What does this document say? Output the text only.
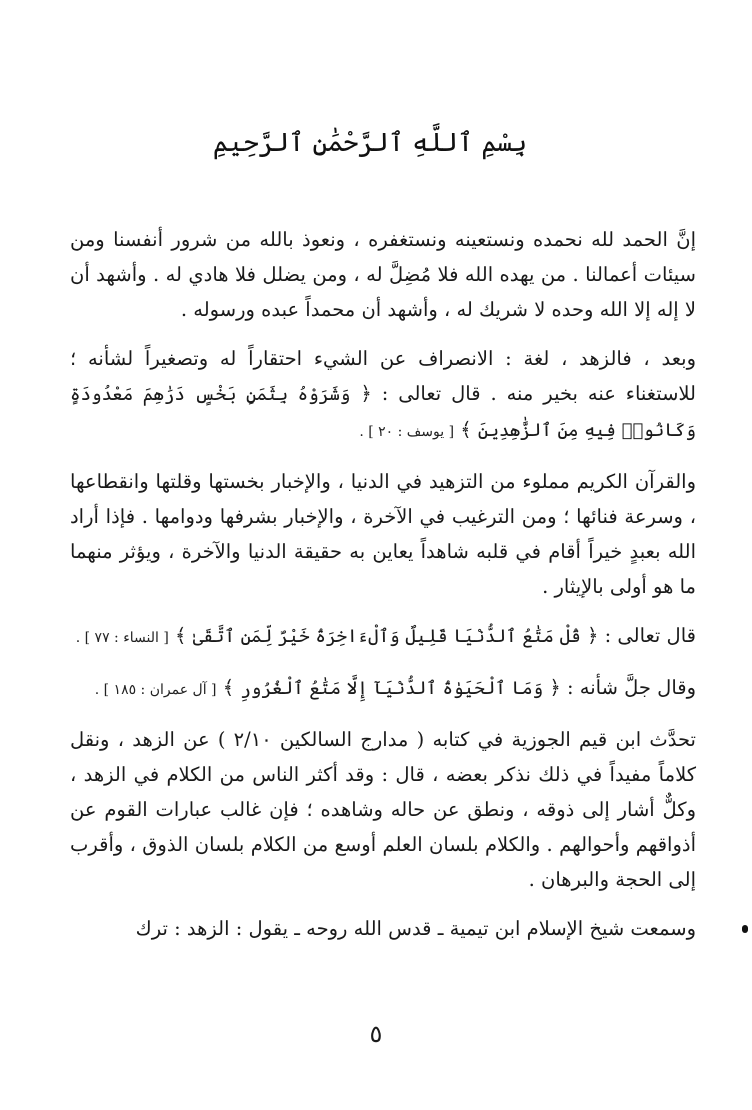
بِسْمِ ٱللَّهِ ٱلرَّحْمَٰنِ ٱلرَّحِيمِ

إنَّ الحمد لله نحمده ونستعينه ونستغفره ، ونعوذ بالله من شرور أنفسنا ومن سيئات أعمالنا . من يهده الله فلا مُضِلَّ له ، ومن يضلل فلا هادي له . وأشهد أن لا إله إلا الله وحده لا شريك له ، وأشهد أن محمداً عبده ورسوله .

وبعد ، فالزهد ، لغة : الانصراف عن الشيء احتقاراً له وتصغيراً لشأنه ؛ للاستغناء عنه بخير منه . قال تعالى : ﴿ وَشَرَوْهُ بِثَمَنٍ بَخْسٍ دَرَٰهِمَ مَعْدُودَةٍ وَكَانُوا۟ فِيهِ مِنَ ٱلزَّٰهِدِينَ ﴾ [ يوسف : ٢٠ ] .

والقرآن الكريم مملوء من التزهيد في الدنيا ، والإخبار بخستها وقلتها وانقطاعها ، وسرعة فنائها ؛ ومن الترغيب في الآخرة ، والإخبار بشرفها ودوامها . فإذا أراد الله بعبدٍ خيراً أقام في قلبه شاهداً يعاين به حقيقة الدنيا والآخرة ، ويؤثر منهما ما هو أولى بالإيثار .

قال تعالى : ﴿ قُلْ مَتَٰعُ ٱلدُّنْيَا قَلِيلٌ وَٱلْءَاخِرَةُ خَيْرٌ لِّمَنِ ٱتَّقَىٰ ﴾ [ النساء : ٧٧ ] .

وقال جلَّ شأنه : ﴿ وَمَا ٱلْحَيَوٰةُ ٱلدُّنْيَآ إِلَّا مَتَٰعُ ٱلْغُرُورِ ﴾ [ آل عمران : ١٨٥ ] .

تحدَّث ابن قيم الجوزية في كتابه ( مدارج السالكين ٢/١٠ ) عن الزهد ، ونقل كلاماً مفيداً في ذلك نذكر بعضه ، قال : وقد أكثر الناس من الكلام في الزهد ، وكلٌّ أشار إلى ذوقه ، ونطق عن حاله وشاهده ؛ فإن غالب عبارات القوم عن أذواقهم وأحوالهم . والكلام بلسان العلم أوسع من الكلام بلسان الذوق ، وأقرب إلى الحجة والبرهان .

وسمعت شيخ الإسلام ابن تيمية ـ قدس الله روحه ـ يقول : الزهد : ترك

٥
